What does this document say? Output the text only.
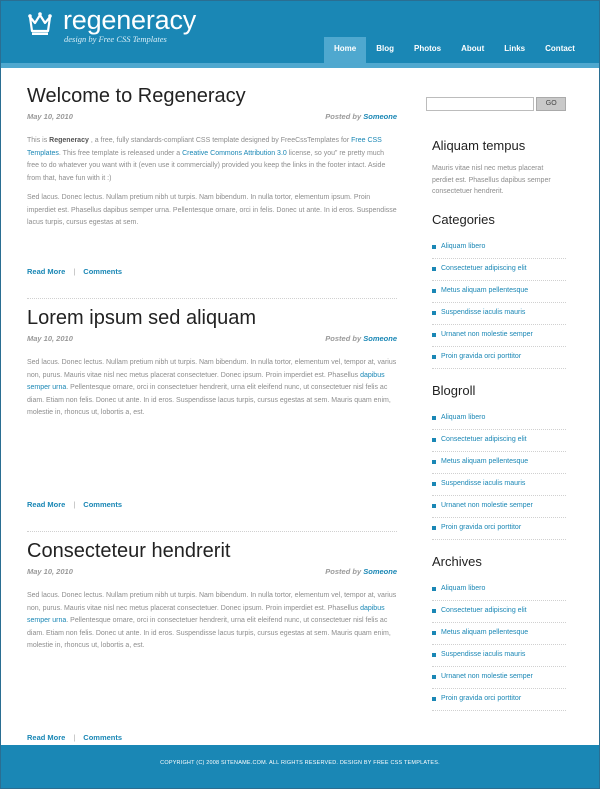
regeneracy
design by Free CSS Templates
Home	Blog	Photos	About	Links	Contact
Welcome to Regeneracy
May 10, 2010	Posted by Someone

This is Regeneracy , a free, fully standards-compliant CSS template designed by FreeCssTemplates for Free CSS Templates. This free template is released under a Creative Commons Attribution 3.0 license, so you” re pretty much free to do whatever you want with it (even use it commercially) provided you keep the links in the footer intact. Aside from that, have fun with it :)

Sed lacus. Donec lectus. Nullam pretium nibh ut turpis. Nam bibendum. In nulla tortor, elementum ipsum. Proin imperdiet est. Phasellus dapibus semper urna. Pellentesque ornare, orci in felis. Donec ut ante. In id eros. Suspendisse lacus turpis, cursus egestas at sem.

Read More | Comments
Lorem ipsum sed aliquam
May 10, 2010	Posted by Someone

Sed lacus. Donec lectus. Nullam pretium nibh ut turpis. Nam bibendum. In nulla tortor, elementum vel, tempor at, varius non, purus. Mauris vitae nisl nec metus placerat consectetuer. Donec ipsum. Proin imperdiet est. Phasellus dapibus semper urna. Pellentesque ornare, orci in consectetuer hendrerit, urna elit eleifend nunc, ut consectetuer nisl felis ac diam. Etiam non felis. Donec ut ante. In id eros. Suspendisse lacus turpis, cursus egestas at sem. Mauris quam enim, molestie in, rhoncus ut, lobortis a, est.

Read More | Comments
Consecteteur hendrerit
May 10, 2010	Posted by Someone

Sed lacus. Donec lectus. Nullam pretium nibh ut turpis. Nam bibendum. In nulla tortor, elementum vel, tempor at, varius non, purus. Mauris vitae nisl nec metus placerat consectetuer. Donec ipsum. Proin imperdiet est. Phasellus dapibus semper urna. Pellentesque ornare, orci in consectetuer hendrerit, urna elit eleifend nunc, ut consectetuer nisl felis ac diam. Etiam non felis. Donec ut ante. In id eros. Suspendisse lacus turpis, cursus egestas at sem. Mauris quam enim, molestie in, rhoncus ut, lobortis a, est.

Read More | Comments
GO
Aliquam tempus

Mauris vitae nisl nec metus placerat perdiet est. Phasellus dapibus semper consectetuer hendrerit.

Categories
Aliquam libero
Consectetuer adipiscing elit
Metus aliquam pellentesque
Suspendisse iaculis mauris
Urnanet non molestie semper
Proin gravida orci porttitor
Blogroll
Aliquam libero
Consectetuer adipiscing elit
Metus aliquam pellentesque
Suspendisse iaculis mauris
Urnanet non molestie semper
Proin gravida orci porttitor
Archives
Aliquam libero
Consectetuer adipiscing elit
Metus aliquam pellentesque
Suspendisse iaculis mauris
Urnanet non molestie semper
Proin gravida orci porttitor
COPYRIGHT (C) 2008 SITENAME.COM. ALL RIGHTS RESERVED. DESIGN BY FREE CSS TEMPLATES.
